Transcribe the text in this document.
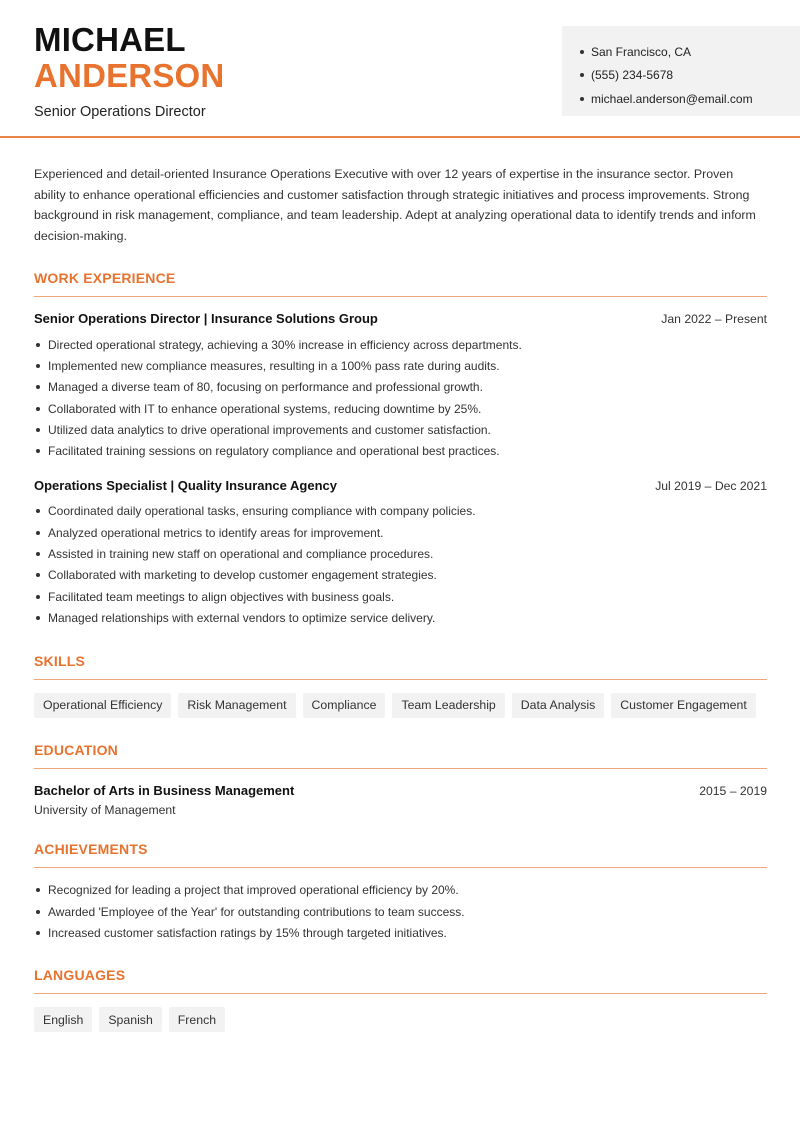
MICHAEL
ANDERSON
Senior Operations Director
San Francisco, CA
(555) 234-5678
michael.anderson@email.com

Experienced and detail-oriented Insurance Operations Executive with over 12 years of expertise in the insurance sector. Proven ability to enhance operational efficiencies and customer satisfaction through strategic initiatives and process improvements. Strong background in risk management, compliance, and team leadership. Adept at analyzing operational data to identify trends and inform decision-making.

WORK EXPERIENCE
Senior Operations Director | Insurance Solutions Group	Jan 2022 – Present
Directed operational strategy, achieving a 30% increase in efficiency across departments.
Implemented new compliance measures, resulting in a 100% pass rate during audits.
Managed a diverse team of 80, focusing on performance and professional growth.
Collaborated with IT to enhance operational systems, reducing downtime by 25%.
Utilized data analytics to drive operational improvements and customer satisfaction.
Facilitated training sessions on regulatory compliance and operational best practices.
Operations Specialist | Quality Insurance Agency	Jul 2019 – Dec 2021
Coordinated daily operational tasks, ensuring compliance with company policies.
Analyzed operational metrics to identify areas for improvement.
Assisted in training new staff on operational and compliance procedures.
Collaborated with marketing to develop customer engagement strategies.
Facilitated team meetings to align objectives with business goals.
Managed relationships with external vendors to optimize service delivery.
SKILLS
Operational Efficiency	Risk Management	Compliance	Team Leadership	Data Analysis	Customer Engagement
EDUCATION
Bachelor of Arts in Business Management	2015 – 2019
University of Management
ACHIEVEMENTS
Recognized for leading a project that improved operational efficiency by 20%.
Awarded 'Employee of the Year' for outstanding contributions to team success.
Increased customer satisfaction ratings by 15% through targeted initiatives.
LANGUAGES
English	Spanish	French
